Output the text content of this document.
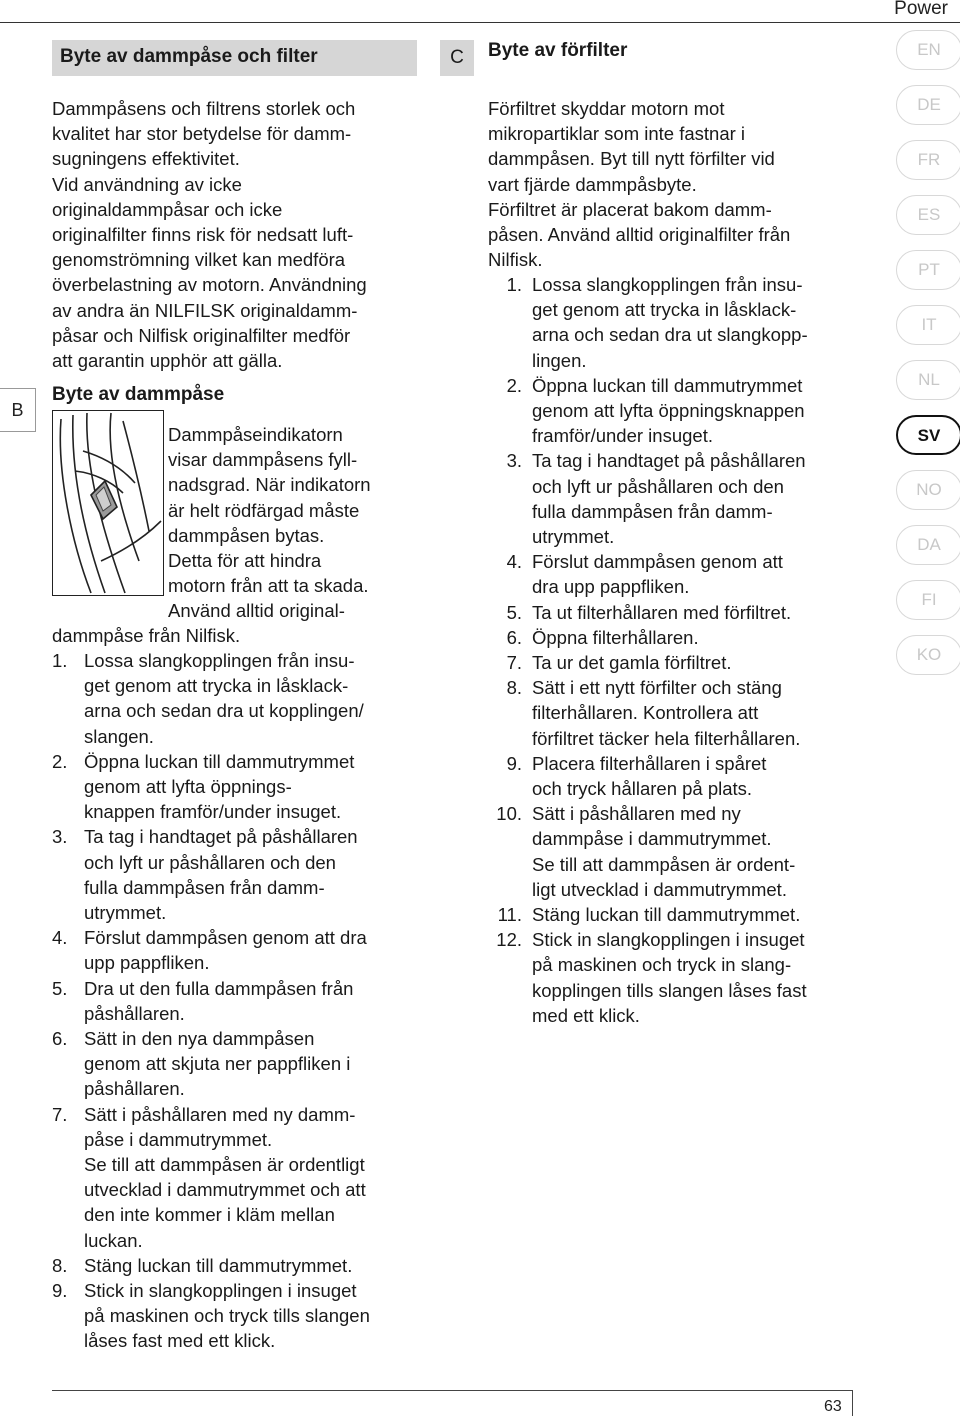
Power
Byte av dammpåse och filter	C	Byte av förfilter
Dammpåsens och filtrens storlek och
kvalitet har stor betydelse för damm-
sugningens effektivitet.
Vid användning av icke
originaldammpåsar och icke
originalfilter finns risk för nedsatt luft-
genomströmning vilket kan medföra
överbelastning av motorn. Användning
av andra än NILFILSK originaldamm-
påsar och Nilfisk originalfilter medför
att garantin upphör att gälla.
Byte av dammpåse
Dammpåseindikatorn
visar dammpåsens fyll-
nadsgrad. När indikatorn
är helt rödfärgad måste
dammpåsen bytas.
Detta för att hindra
motorn från att ta skada.
Använd alltid original-
dammpåse från Nilfisk.
1. Lossa slangkopplingen från insu-
get genom att trycka in låsklack-
arna och sedan dra ut kopplingen/
slangen.
2. Öppna luckan till dammutrymmet
genom att lyfta öppnings-
knappen framför/under insuget.
3. Ta tag i handtaget på påshållaren
och lyft ur påshållaren och den
fulla dammpåsen från damm-
utrymmet.
4. Förslut dammpåsen genom att dra
upp pappfliken.
5. Dra ut den fulla dammpåsen från
påshållaren.
6. Sätt in den nya dammpåsen
genom att skjuta ner pappfliken i
påshållaren.
7. Sätt i påshållaren med ny damm-
påse i dammutrymmet.
Se till att dammpåsen är ordentligt
utvecklad i dammutrymmet och att
den inte kommer i kläm mellan
luckan.
8. Stäng luckan till dammutrymmet.
9. Stick in slangkopplingen i insuget
på maskinen och tryck tills slangen
låses fast med ett klick.
Förfiltret skyddar motorn mot
mikropartiklar som inte fastnar i
dammpåsen. Byt till nytt förfilter vid
vart fjärde dammpåsbyte.
Förfiltret är placerat bakom damm-
påsen. Använd alltid originalfilter från
Nilfisk.
1. Lossa slangkopplingen från insu-
get genom att trycka in låsklack-
arna och sedan dra ut slangkopp-
lingen.
2. Öppna luckan till dammutrymmet
genom att lyfta öppningsknappen
framför/under insuget.
3. Ta tag i handtaget på påshållaren
och lyft ur påshållaren och den
fulla dammpåsen från damm-
utrymmet.
4. Förslut dammpåsen genom att
dra upp pappfliken.
5. Ta ut filterhållaren med förfiltret.
6. Öppna filterhållaren.
7. Ta ur det gamla förfiltret.
8. Sätt i ett nytt förfilter och stäng
filterhållaren. Kontrollera att
förfiltret täcker hela filterhållaren.
9. Placera filterhållaren i spåret
och tryck hållaren på plats.
10. Sätt i påshållaren med ny
dammpåse i dammutrymmet.
Se till att dammpåsen är ordent-
ligt utvecklad i dammutrymmet.
11. Stäng luckan till dammutrymmet.
12. Stick in slangkopplingen i insuget
på maskinen och tryck in slang-
kopplingen tills slangen låses fast
med ett klick.
EN
DE
FR
ES
PT
IT
NL
SV
NO
DA
FI
KO
B
63
